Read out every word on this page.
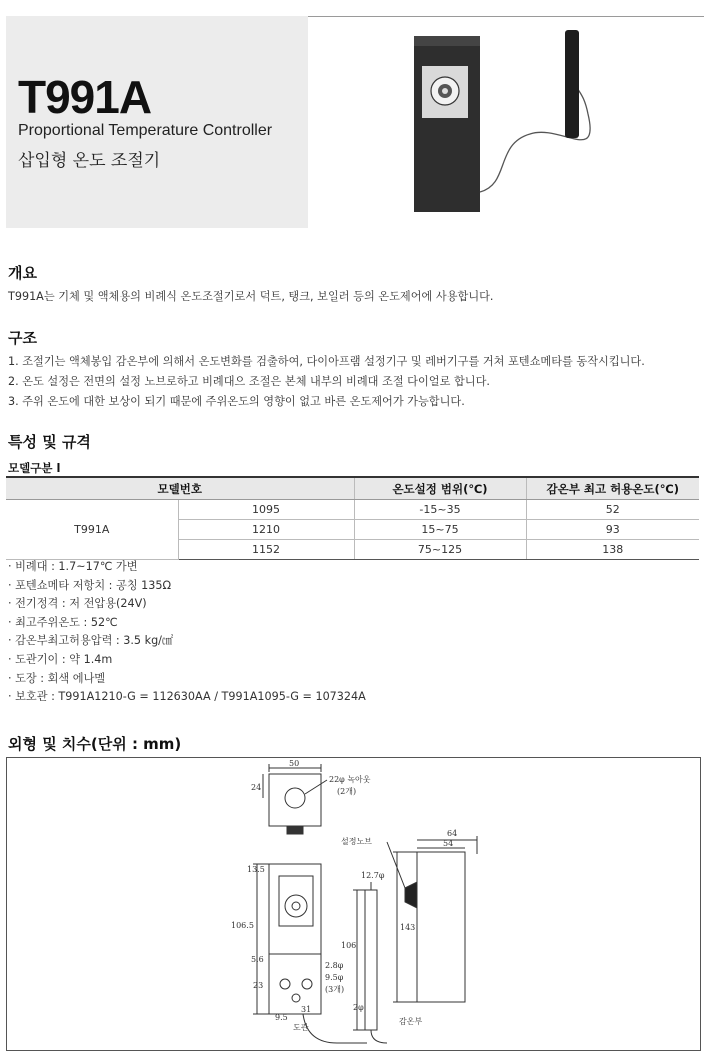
T991A
Proportional Temperature Controller
삽입형 온도 조절기
개요
T991A는 기체 및 액체용의 비례식 온도조절기로서 덕트, 탱크, 보일러 등의 온도제어에 사용합니다.
구조
1. 조절기는 액체봉입 감온부에 의해서 온도변화를 검출하여, 다이아프램 설정기구 및 레버기구를 거쳐 포텐쇼메타를 동작시킵니다.
2. 온도 설정은 전면의 설정 노브로하고 비례대으 조절은 본체 내부의 비례대 조절 다이얼로 합니다.
3. 주위 온도에 대한 보상이 되기 때문에 주위온도의 영향이 없고 바른 온도제어가 가능합니다.
특성 및 규격
모델구분 l
모델번호		온도설정 범위(℃)	감온부 최고 허용온도(℃)
T991A	1095	-15~35	52
	1210	15~75	93
	1152	75~125	138
· 비례대 : 1.7~17℃ 가변
· 포텐쇼메타 저항치 : 공칭 135Ω
· 전기정격 : 저 전압용(24V)
· 최고주위온도 : 52℃
· 감온부최고허용압력 : 3.5 kg/㎠
· 도관기이 : 약 1.4m
· 도장 : 회색 에나멜
· 보호관 : T991A1210-G = 112630AA / T991A1095-G = 107324A
외형 및 치수(단위 : mm)
50
24
22φ 녹아웃
(2개)
설정노브
64
54
12.7φ
143
106
106.5
13.5
5.6
2.8φ
9.5φ
(3개)
23
31
9.5
도관
2φ
감온부
